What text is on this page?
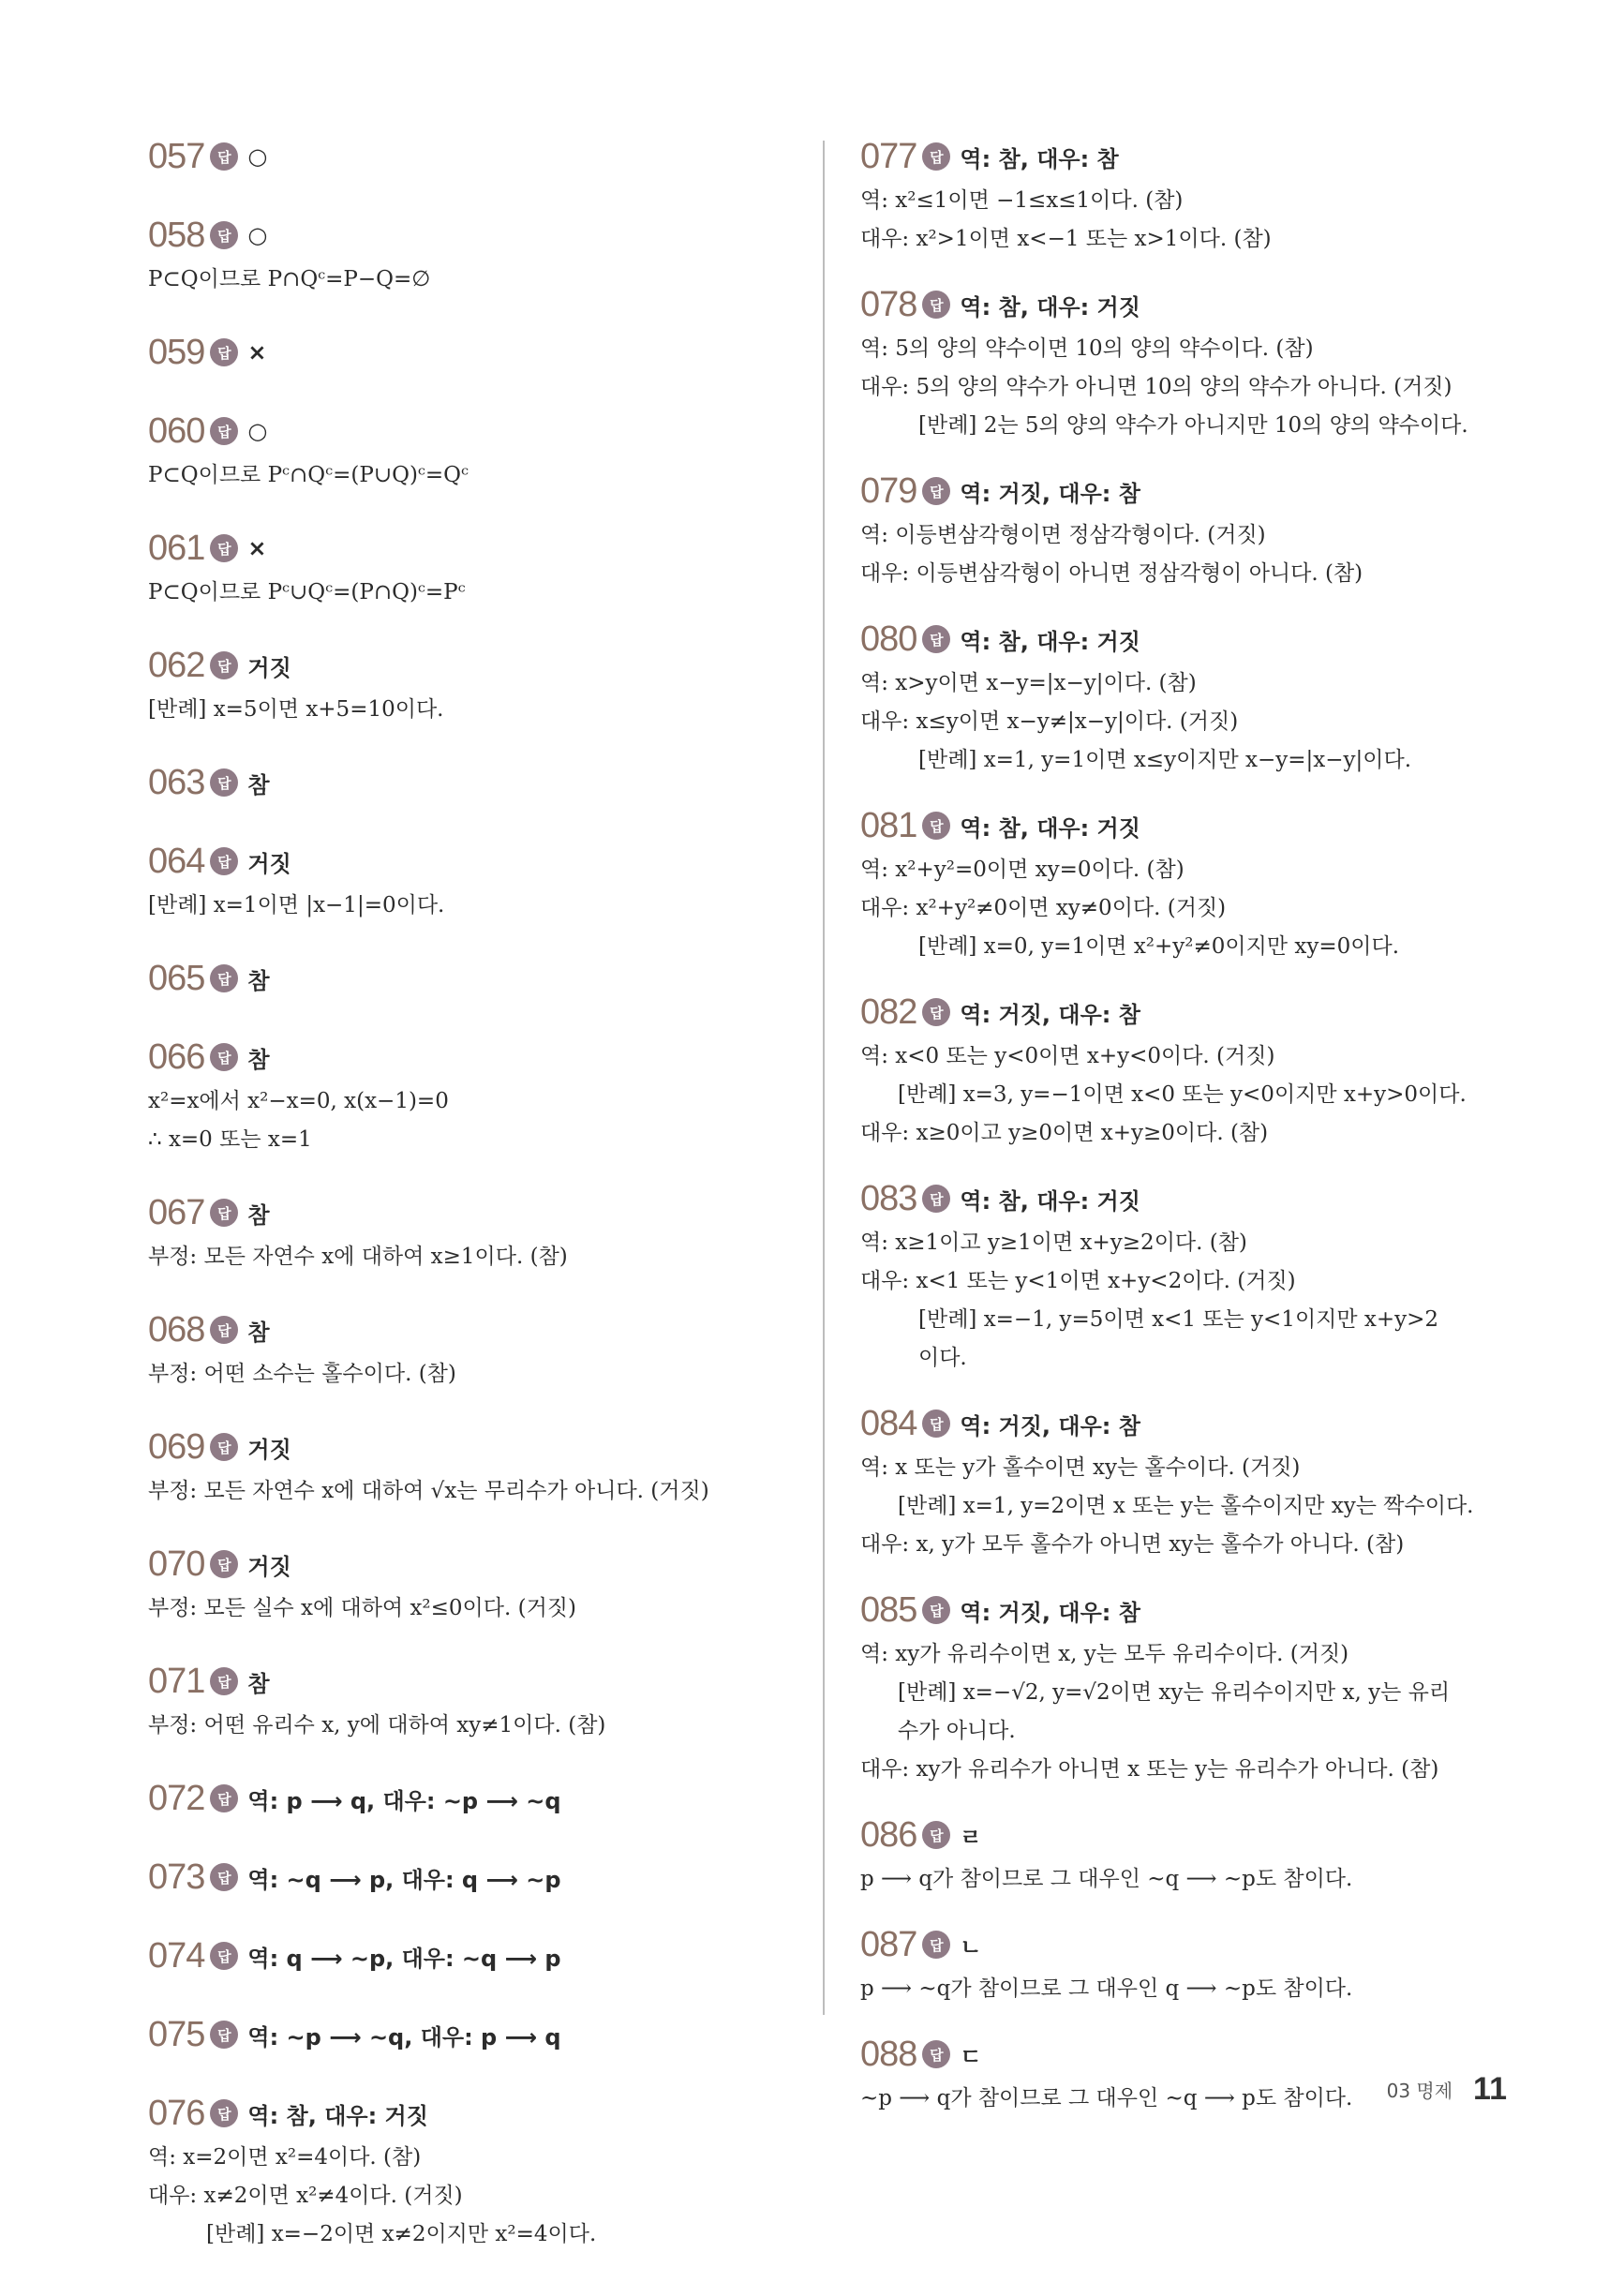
057 답 ○
058 답 ○
P⊂Q이므로 P∩Qᶜ=P−Q=∅
059 답 ×
060 답 ○
P⊂Q이므로 Pᶜ∩Qᶜ=(P∪Q)ᶜ=Qᶜ
061 답 ×
P⊂Q이므로 Pᶜ∪Qᶜ=(P∩Q)ᶜ=Pᶜ
062 답 거짓
[반례] x=5이면 x+5=10이다.
063 답 참
064 답 거짓
[반례] x=1이면 |x−1|=0이다.
065 답 참
066 답 참
x²=x에서 x²−x=0, x(x−1)=0
∴ x=0 또는 x=1
067 답 참
부정: 모든 자연수 x에 대하여 x≥1이다. (참)
068 답 참
부정: 어떤 소수는 홀수이다. (참)
069 답 거짓
부정: 모든 자연수 x에 대하여 √x는 무리수가 아니다. (거짓)
070 답 거짓
부정: 모든 실수 x에 대하여 x²≤0이다. (거짓)
071 답 참
부정: 어떤 유리수 x, y에 대하여 xy≠1이다. (참)
072 답 역: p ⟶ q, 대우: ~p ⟶ ~q
073 답 역: ~q ⟶ p, 대우: q ⟶ ~p
074 답 역: q ⟶ ~p, 대우: ~q ⟶ p
075 답 역: ~p ⟶ ~q, 대우: p ⟶ q
076 답 역: 참, 대우: 거짓
역: x=2이면 x²=4이다. (참)
대우: x≠2이면 x²≠4이다. (거짓)
[반례] x=−2이면 x≠2이지만 x²=4이다.
077 답 역: 참, 대우: 참
역: x²≤1이면 −1≤x≤1이다. (참)
대우: x²>1이면 x<−1 또는 x>1이다. (참)
078 답 역: 참, 대우: 거짓
역: 5의 양의 약수이면 10의 양의 약수이다. (참)
대우: 5의 양의 약수가 아니면 10의 양의 약수가 아니다. (거짓)
[반례] 2는 5의 양의 약수가 아니지만 10의 양의 약수이다.
079 답 역: 거짓, 대우: 참
역: 이등변삼각형이면 정삼각형이다. (거짓)
대우: 이등변삼각형이 아니면 정삼각형이 아니다. (참)
080 답 역: 참, 대우: 거짓
역: x>y이면 x−y=|x−y|이다. (참)
대우: x≤y이면 x−y≠|x−y|이다. (거짓)
[반례] x=1, y=1이면 x≤y이지만 x−y=|x−y|이다.
081 답 역: 참, 대우: 거짓
역: x²+y²=0이면 xy=0이다. (참)
대우: x²+y²≠0이면 xy≠0이다. (거짓)
[반례] x=0, y=1이면 x²+y²≠0이지만 xy=0이다.
082 답 역: 거짓, 대우: 참
역: x<0 또는 y<0이면 x+y<0이다. (거짓)
[반례] x=3, y=−1이면 x<0 또는 y<0이지만 x+y>0이다.
대우: x≥0이고 y≥0이면 x+y≥0이다. (참)
083 답 역: 참, 대우: 거짓
역: x≥1이고 y≥1이면 x+y≥2이다. (참)
대우: x<1 또는 y<1이면 x+y<2이다. (거짓)
[반례] x=−1, y=5이면 x<1 또는 y<1이지만 x+y>2
이다.
084 답 역: 거짓, 대우: 참
역: x 또는 y가 홀수이면 xy는 홀수이다. (거짓)
[반례] x=1, y=2이면 x 또는 y는 홀수이지만 xy는 짝수이다.
대우: x, y가 모두 홀수가 아니면 xy는 홀수가 아니다. (참)
085 답 역: 거짓, 대우: 참
역: xy가 유리수이면 x, y는 모두 유리수이다. (거짓)
[반례] x=−√2, y=√2이면 xy는 유리수이지만 x, y는 유리
수가 아니다.
대우: xy가 유리수가 아니면 x 또는 y는 유리수가 아니다. (참)
086 답 ㄹ
p ⟶ q가 참이므로 그 대우인 ~q ⟶ ~p도 참이다.
087 답 ㄴ
p ⟶ ~q가 참이므로 그 대우인 q ⟶ ~p도 참이다.
088 답 ㄷ
~p ⟶ q가 참이므로 그 대우인 ~q ⟶ p도 참이다.	03 명제 11
